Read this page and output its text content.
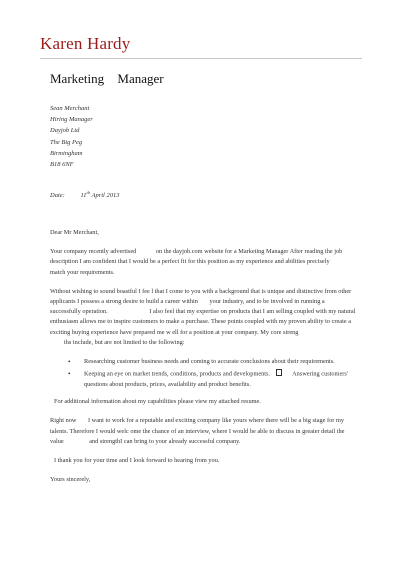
Karen Hardy
Marketing Manager
Sean Merchant
Hiring Manager
Dayjob Ltd
The Big Peg
Birmingham
B18 6NF
Date: 11th April 2013

Dear Mr Merchant,

Your company recently advertised	on the dayjob.com website for a Marketing Manager After reading the job description I am confident that I would be a perfect fit for this position as my experience and abilities precisely match your requirements.

Without wishing to sound boastful I fee l that I come to you with a background that is unique and distinctive from other applicants I possess a strong desire to build a career within your industry, and to be involved in running a successfully operation.	I also feel that my expertise on products that I am selling coupled with my natural enthusiasm allows me to inspire customers to make a purchase. These points coupled with my proven ability to create a exciting buying experience have prepared me w ell for a position at your company. My core streng
ths include, but are not limited to the following:

• Researching customer business needs and coming to accurate conclusions about their requirements.
• Keeping an eye on market trends, conditions, products and developments.	Answering customers' questions about products, prices, availability and product benefits.

For additional information about my capabilities please view my attached resume.

Right now I want to work for a reputable and exciting company like yours where there will be a big stage for my talents. Therefore I would welc ome the chance of an interview, where I would be able to discuss in greater detail the value	and strengthI can bring to your already successful company.

I thank you for your time and I look forward to hearing from you.

Yours sincerely,
